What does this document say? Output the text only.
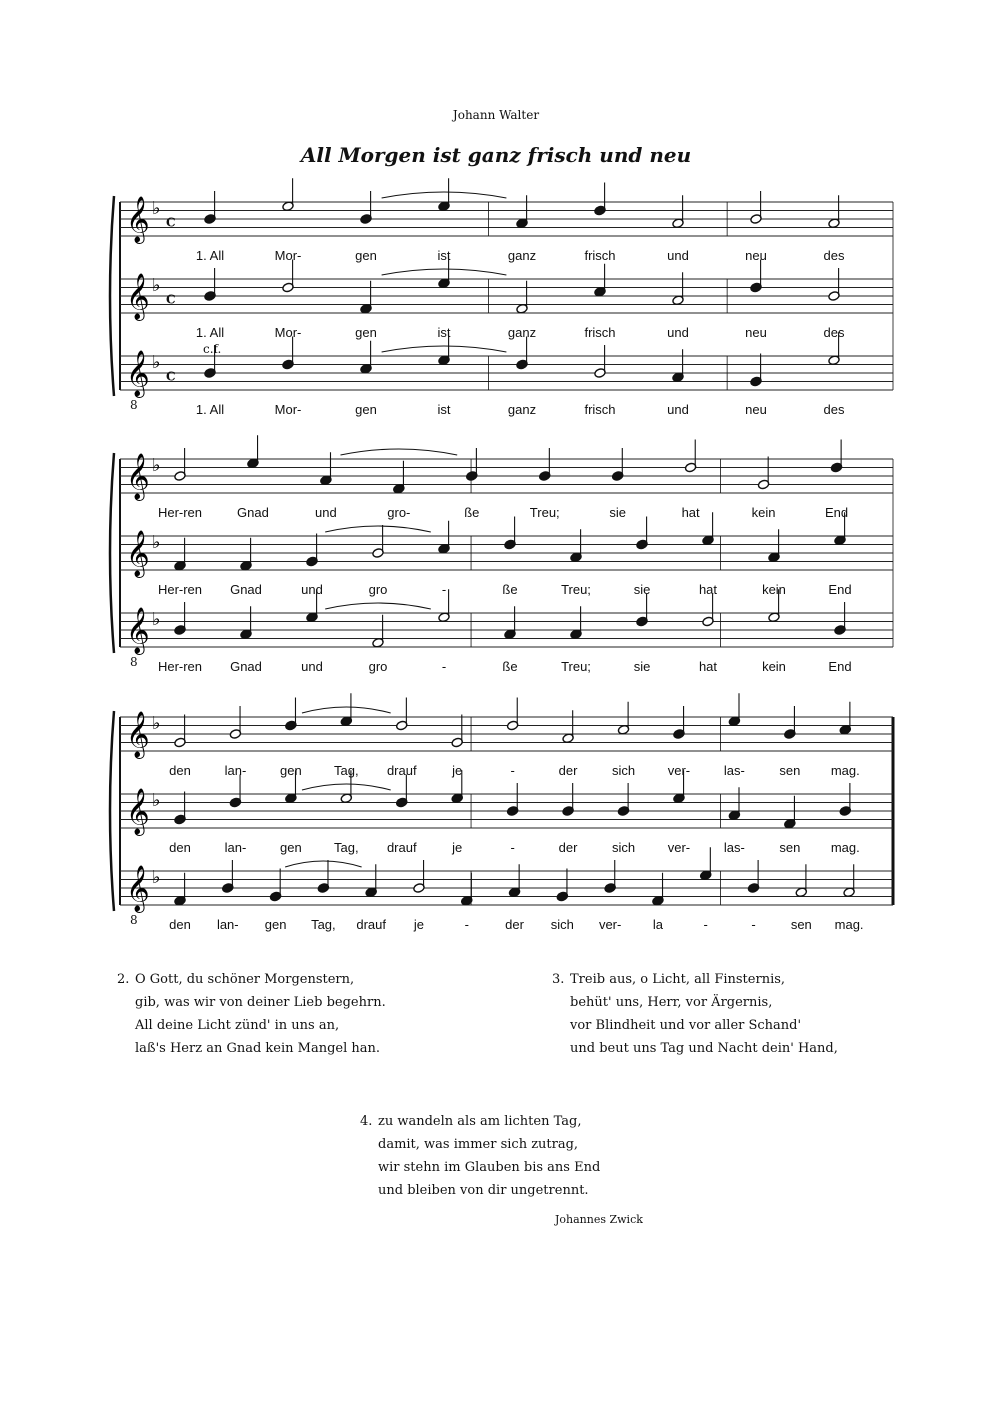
Johann Walter
All Morgen ist ganz frisch und neu
𝄞 ♭
C
1. All	Mor-	gen	ist	ganz	frisch	und	neu	des
𝄞 ♭
C
1. All	Mor-	gen	ist	ganz	frisch	und	neu	des
𝄞 ♭
C
8
c.f.
1. All	Mor-	gen	ist	ganz	frisch	und	neu	des
𝄞 ♭
Her-ren	Gnad	und	gro-	ße	Treu;	sie	hat	kein	End
𝄞 ♭
Her-ren Gnad	und	gro	-	ße	Treu;	sie	hat	kein	End
𝄞 ♭
8 Her-ren Gnad	und	gro	-	ße	Treu;	sie	hat	kein	End
𝄞 ♭
den	lan-	gen Tag, drauf	je	-	der	sich	ver-	las-	sen mag.
𝄞 ♭
den	lan-	gen Tag, drauf	je	-	der	sich	ver-	las-	sen mag.
𝄞 ♭
8 den lan- gen Tag, drauf je	-	der sich ver- la	-	-	sen mag.
2. O Gott, du schöner Morgenstern,
gib, was wir von deiner Lieb begehrn.
All deine Licht zünd' in uns an,
laß's Herz an Gnad kein Mangel han.
3. Treib aus, o Licht, all Finsternis,
behüt' uns, Herr, vor Ärgernis,
vor Blindheit und vor aller Schand'
und beut uns Tag und Nacht dein' Hand,
4. zu wandeln als am lichten Tag,
damit, was immer sich zutrag,
wir stehn im Glauben bis ans End
und bleiben von dir ungetrennt.
Johannes Zwick
